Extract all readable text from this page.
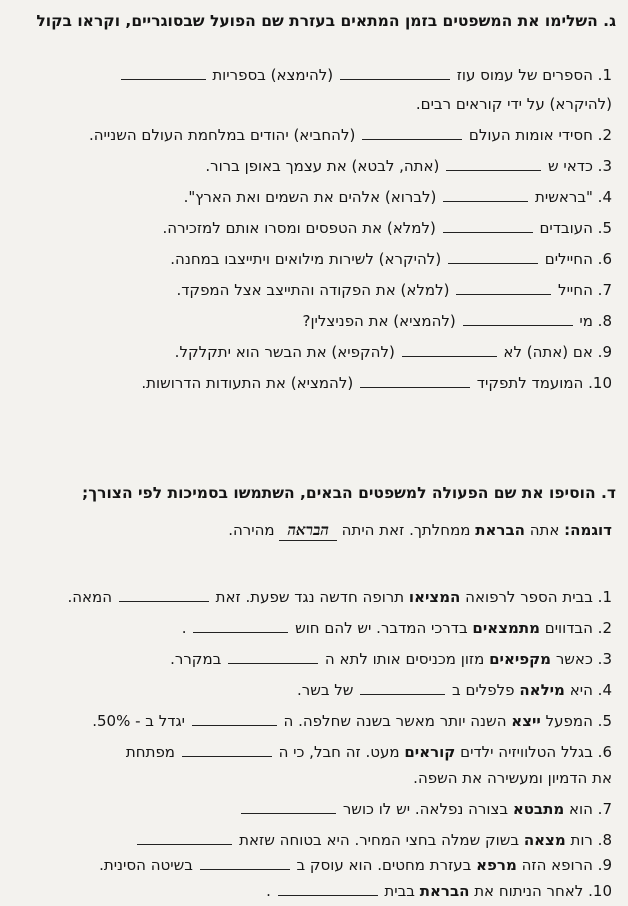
ג. השלימו את המשפטים בזמן המתאים בעזרת שם הפועל שבסוגריים, וקראו בקול
1. הספרים של עמוס עוז  (להימצא) בספריות
(להיקרא) על ידי קוראים רבים.
2. חסידי אומות העולם  (להחביא) יהודים במלחמת העולם השנייה.
3. כדאי ש  (אתה, לבטא) את עצמך באופן ברור.
4. "בראשית  (לברוא) אלהים את השמים ואת הארץ".
5. העובדים  (למלא) את הטפסים ומסרו אותם למזכירה.
6. החיילים  (להיקרא) לשירות מילואים ויתייצבו במחנה.
7. החייל  (למלא) את הפקודה והתייצב אצל המפקד.
8. מי  (להמציא) את הפניצלין?
9. אם (אתה) לא  (להקפיא) את הבשר הוא יתקלקל.
10. המועמד לתפקיד  (להמציא) את התעודות הדרושות.
ד. הוסיפו את שם הפעולה למשפטים הבאים, השתמשו בסמיכות לפי הצורך;
דוגמה: אתה הבראת ממחלתך. זאת היתה הבראה מהירה.
1. בבית הספר לרפואה המציאו תרופה חדשה נגד שפעת. זאת  המאה.
2. הבדווים מתמצאים בדרכי המדבר. יש להם חוש  .
3. כאשר מקפיאים מזון מכניסים אותו לתא ה  במקרר.
4. היא מילאה פלפלים ב  של בשר.
5. המפעל ייצא השנה יותר מאשר בשנה שחלפה. ה  יגדל ב - 50%.
6. בגלל הטלוויזיה ילדים קוראים מעט. זה חבל, כי ה  מפתחת
את הדמיון ומעשירה את השפה.
7. הוא מתבטא בצורה נפלאה. יש לו כושר
8. רות מצאה בשוק שמלה בחצי המחיר. היא בטוחה שזאת
9. הרופא הזה מרפא בעזרת מחטים. הוא עוסק ב  בשיטה הסינית.
10. לאחר הניתוח את הבראת בבית  .
